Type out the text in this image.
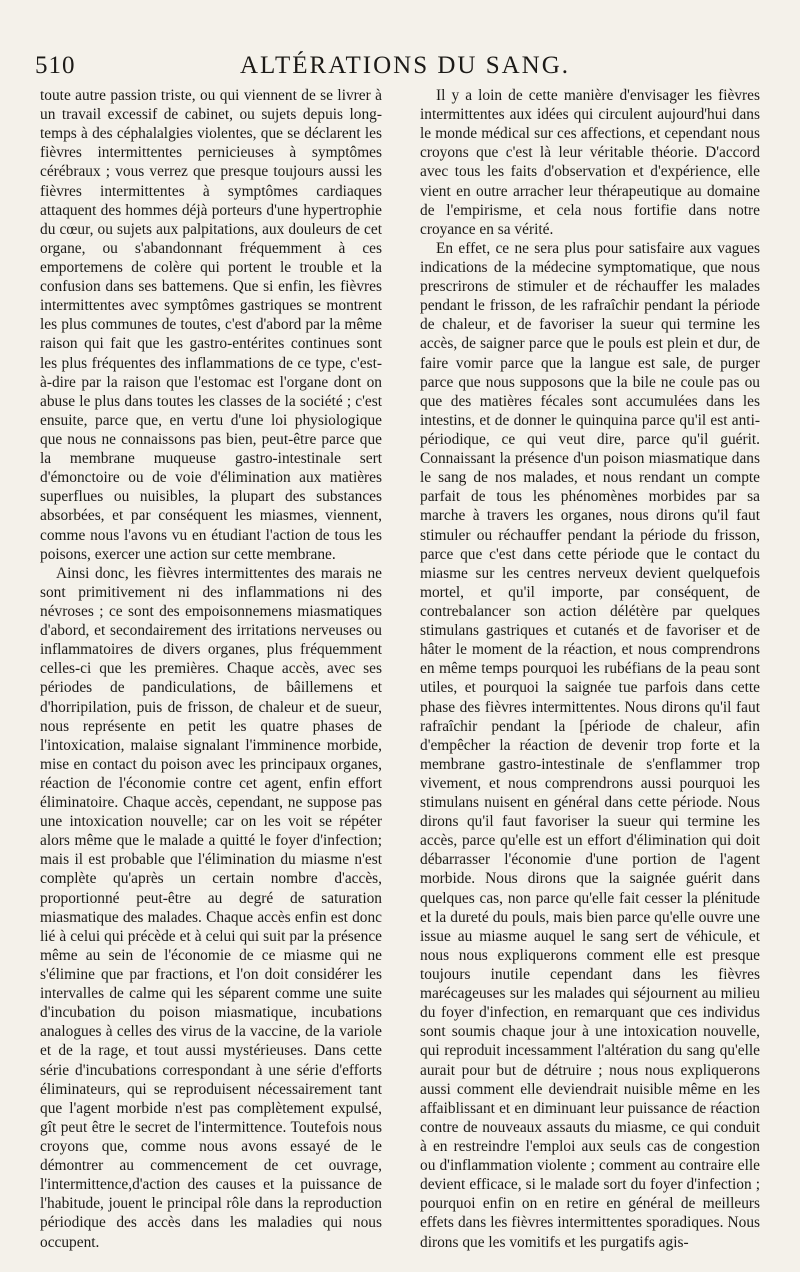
510	ALTÉRATIONS DU SANG.

toute autre passion triste, ou qui viennent de se livrer à un travail excessif de cabinet, ou sujets depuis long-temps à des céphalalgies violentes, que se déclarent les fièvres intermittentes pernicieuses à symptômes cérébraux ; vous verrez que presque toujours aussi les fièvres intermittentes à symptômes cardiaques attaquent des hommes déjà porteurs d'une hypertrophie du cœur, ou sujets aux palpitations, aux douleurs de cet organe, ou s'abandonnant fréquemment à ces emportemens de colère qui portent le trouble et la confusion dans ses battemens. Que si enfin, les fièvres intermittentes avec symptômes gastriques se montrent les plus communes de toutes, c'est d'abord par la même raison qui fait que les gastro-entérites continues sont les plus fréquentes des inflammations de ce type, c'est-à-dire par la raison que l'estomac est l'organe dont on abuse le plus dans toutes les classes de la société ; c'est ensuite, parce que, en vertu d'une loi physiologique que nous ne connaissons pas bien, peut-être parce que la membrane muqueuse gastro-intestinale sert d'émonctoire ou de voie d'élimination aux matières superflues ou nuisibles, la plupart des substances absorbées, et par conséquent les miasmes, viennent, comme nous l'avons vu en étudiant l'action de tous les poisons, exercer une action sur cette membrane.

Ainsi donc, les fièvres intermittentes des marais ne sont primitivement ni des inflammations ni des névroses ; ce sont des empoisonnemens miasmatiques d'abord, et secondairement des irritations nerveuses ou inflammatoires de divers organes, plus fréquemment celles-ci que les premières. Chaque accès, avec ses périodes de pandiculations, de bâillemens et d'horripilation, puis de frisson, de chaleur et de sueur, nous représente en petit les quatre phases de l'intoxication, malaise signalant l'imminence morbide, mise en contact du poison avec les principaux organes, réaction de l'économie contre cet agent, enfin effort éliminatoire. Chaque accès, cependant, ne suppose pas une intoxication nouvelle; car on les voit se répéter alors même que le malade a quitté le foyer d'infection; mais il est probable que l'élimination du miasme n'est complète qu'après un certain nombre d'accès, proportionné peut-être au degré de saturation miasmatique des malades. Chaque accès enfin est donc lié à celui qui précède et à celui qui suit par la présence même au sein de l'économie de ce miasme qui ne s'élimine que par fractions, et l'on doit considérer les intervalles de calme qui les séparent comme une suite d'incubation du poison miasmatique, incubations analogues à celles des virus de la vaccine, de la variole et de la rage, et tout aussi mystérieuses. Dans cette série d'incubations correspondant à une série d'efforts éliminateurs, qui se reproduisent nécessairement tant que l'agent morbide n'est pas complètement expulsé, gît peut être le secret de l'intermittence. Toutefois nous croyons que, comme nous avons essayé de le démontrer au commencement de cet ouvrage, l'intermittence,d'action des causes et la puissance de l'habitude, jouent le principal rôle dans la reproduction périodique des accès dans les maladies qui nous occupent.

Il y a loin de cette manière d'envisager les fièvres intermittentes aux idées qui circulent aujourd'hui dans le monde médical sur ces affections, et cependant nous croyons que c'est là leur véritable théorie. D'accord avec tous les faits d'observation et d'expérience, elle vient en outre arracher leur thérapeutique au domaine de l'empirisme, et cela nous fortifie dans notre croyance en sa vérité.

En effet, ce ne sera plus pour satisfaire aux vagues indications de la médecine symptomatique, que nous prescrirons de stimuler et de réchauffer les malades pendant le frisson, de les rafraîchir pendant la période de chaleur, et de favoriser la sueur qui termine les accès, de saigner parce que le pouls est plein et dur, de faire vomir parce que la langue est sale, de purger parce que nous supposons que la bile ne coule pas ou que des matières fécales sont accumulées dans les intestins, et de donner le quinquina parce qu'il est anti-périodique, ce qui veut dire, parce qu'il guérit. Connaissant la présence d'un poison miasmatique dans le sang de nos malades, et nous rendant un compte parfait de tous les phénomènes morbides par sa marche à travers les organes, nous dirons qu'il faut stimuler ou réchauffer pendant la période du frisson, parce que c'est dans cette période que le contact du miasme sur les centres nerveux devient quelquefois mortel, et qu'il importe, par conséquent, de contrebalancer son action délétère par quelques stimulans gastriques et cutanés et de favoriser et de hâter le moment de la réaction, et nous comprendrons en même temps pourquoi les rubéfians de la peau sont utiles, et pourquoi la saignée tue parfois dans cette phase des fièvres intermittentes. Nous dirons qu'il faut rafraîchir pendant la [période de chaleur, afin d'empêcher la réaction de devenir trop forte et la membrane gastro-intestinale de s'enflammer trop vivement, et nous comprendrons aussi pourquoi les stimulans nuisent en général dans cette période. Nous dirons qu'il faut favoriser la sueur qui termine les accès, parce qu'elle est un effort d'élimination qui doit débarrasser l'économie d'une portion de l'agent morbide. Nous dirons que la saignée guérit dans quelques cas, non parce qu'elle fait cesser la plénitude et la dureté du pouls, mais bien parce qu'elle ouvre une issue au miasme auquel le sang sert de véhicule, et nous nous expliquerons comment elle est presque toujours inutile cependant dans les fièvres marécageuses sur les malades qui séjournent au milieu du foyer d'infection, en remarquant que ces individus sont soumis chaque jour à une intoxication nouvelle, qui reproduit incessamment l'altération du sang qu'elle aurait pour but de détruire ; nous nous expliquerons aussi comment elle deviendrait nuisible même en les affaiblissant et en diminuant leur puissance de réaction contre de nouveaux assauts du miasme, ce qui conduit à en restreindre l'emploi aux seuls cas de congestion ou d'inflammation violente ; comment au contraire elle devient efficace, si le malade sort du foyer d'infection ; pourquoi enfin on en retire en général de meilleurs effets dans les fièvres intermittentes sporadiques. Nous dirons que les vomitifs et les purgatifs agis-
